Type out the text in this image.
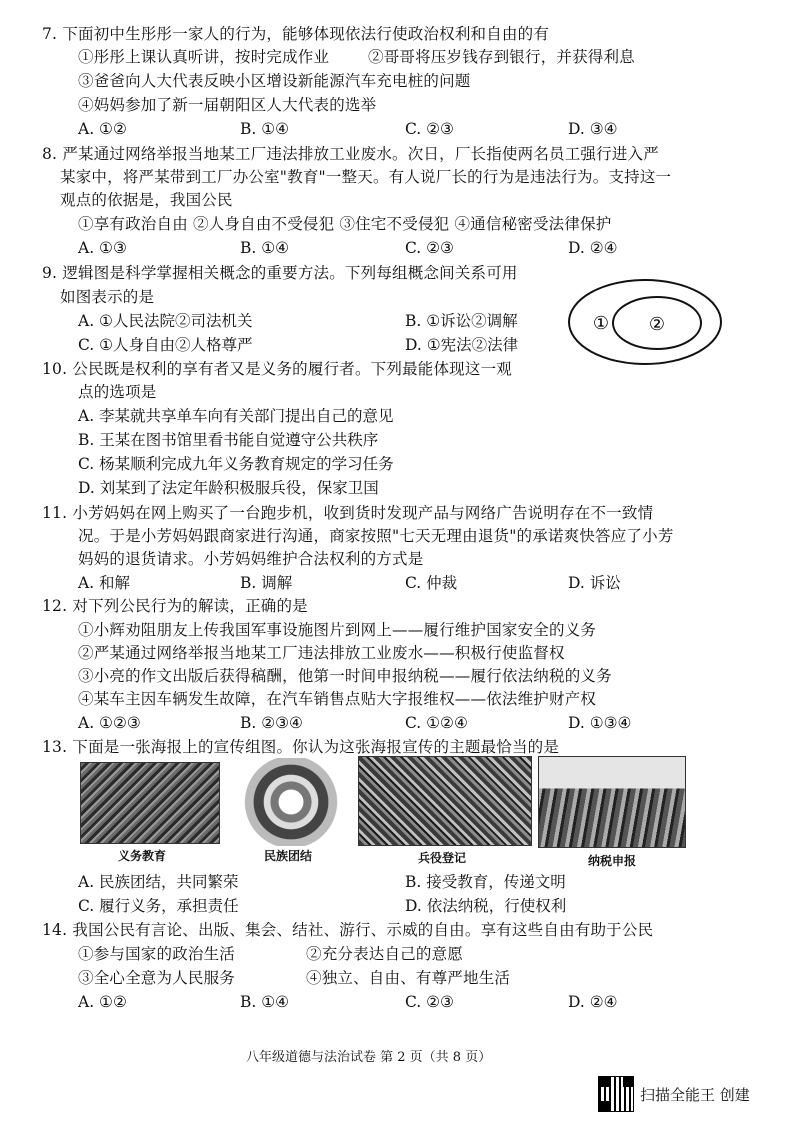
7. 下面初中生彤彤一家人的行为，能够体现依法行使政治权利和自由的有
①彤彤上课认真听讲，按时完成作业	②哥哥将压岁钱存到银行，并获得利息
③爸爸向人大代表反映小区增设新能源汽车充电桩的问题
④妈妈参加了新一届朝阳区人大代表的选举
A. ①②	B. ①④	C. ②③	D. ③④
8. 严某通过网络举报当地某工厂违法排放工业废水。次日，厂长指使两名员工强行进入严
某家中，将严某带到工厂办公室"教育"一整天。有人说厂长的行为是违法行为。支持这一
观点的依据是，我国公民
①享有政治自由 ②人身自由不受侵犯 ③住宅不受侵犯 ④通信秘密受法律保护
A. ①③	B. ①④	C. ②③	D. ②④
9. 逻辑图是科学掌握相关概念的重要方法。下列每组概念间关系可用
如图表示的是
A. ①人民法院②司法机关	B. ①诉讼②调解
C. ①人身自由②人格尊严	D. ①宪法②法律
① ②
10. 公民既是权利的享有者又是义务的履行者。下列最能体现这一观
点的选项是
A. 李某就共享单车向有关部门提出自己的意见
B. 王某在图书馆里看书能自觉遵守公共秩序
C. 杨某顺利完成九年义务教育规定的学习任务
D. 刘某到了法定年龄积极服兵役，保家卫国
11. 小芳妈妈在网上购买了一台跑步机，收到货时发现产品与网络广告说明存在不一致情
况。于是小芳妈妈跟商家进行沟通，商家按照"七天无理由退货"的承诺爽快答应了小芳
妈妈的退货请求。小芳妈妈维护合法权利的方式是
A. 和解	B. 调解	C. 仲裁	D. 诉讼
12. 对下列公民行为的解读，正确的是
①小辉劝阻朋友上传我国军事设施图片到网上——履行维护国家安全的义务
②严某通过网络举报当地某工厂违法排放工业废水——积极行使监督权
③小亮的作文出版后获得稿酬，他第一时间申报纳税——履行依法纳税的义务
④某车主因车辆发生故障，在汽车销售点贴大字报维权——依法维护财产权
A. ①②③	B. ②③④	C. ①②④	D. ①③④
13. 下面是一张海报上的宣传组图。你认为这张海报宣传的主题最恰当的是
义务教育	民族团结	兵役登记	纳税申报
A. 民族团结，共同繁荣	B. 接受教育，传递文明
C. 履行义务，承担责任	D. 依法纳税，行使权利
14. 我国公民有言论、出版、集会、结社、游行、示威的自由。享有这些自由有助于公民
①参与国家的政治生活	②充分表达自己的意愿
③全心全意为人民服务	④独立、自由、有尊严地生活
A. ①②	B. ①④	C. ②③	D. ②④
八年级道德与法治试卷 第 2 页（共 8 页）
扫描全能王 创建
